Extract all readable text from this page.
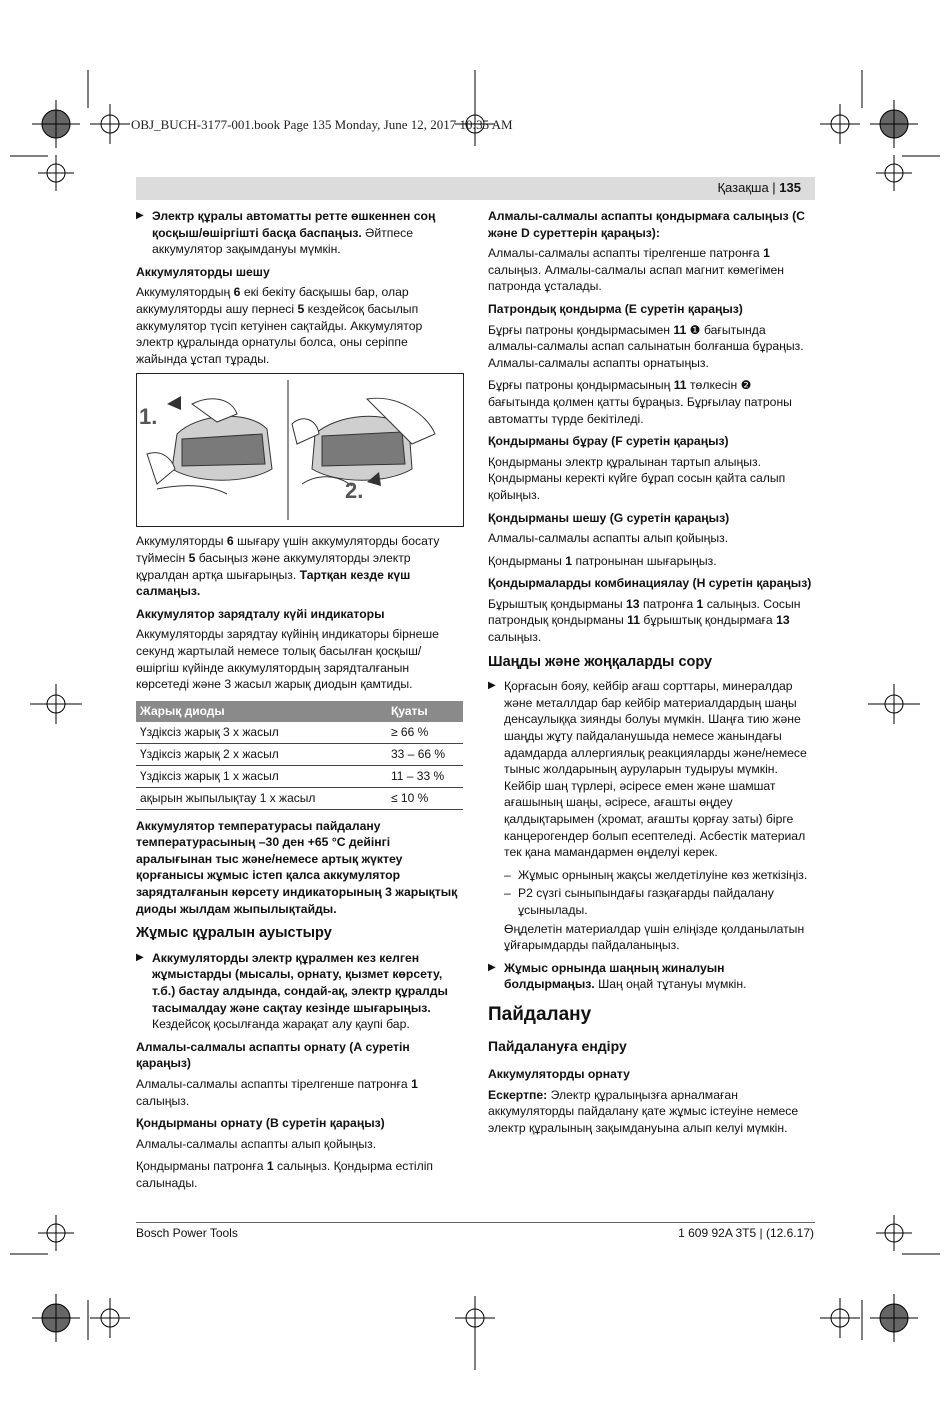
OBJ_BUCH-3177-001.book Page 135 Monday, June 12, 2017 10:35 AM
Қазақша | 135
▶ Электр құралы автоматты ретте өшкеннен соң қосқыш/өшіргішті басқа баспаңыз. Әйтпесе аккумулятор зақымдануы мүмкін.
Аккумуляторды шешу

Аккумулятордың 6 екі бекіту басқышы бар, олар аккумуляторды ашу пернесі 5 кездейсоқ басылып аккумулятор түсіп кетуінен сақтайды. Аккумулятор электр құралында орнатулы болса, оны серіппе жайында ұстап тұрады.

1.
2.

Аккумуляторды 6 шығару үшін аккумуляторды босату түймесін 5 басыңыз және аккумуляторды электр құралдан артқа шығарыңыз. Тартқан кезде күш салмаңыз.

Аккумулятор зарядталу күйі индикаторы

Аккумуляторды зарядтау күйінің индикаторы бірнеше секунд жартылай немесе толық басылған қосқыш/өшіргіш күйінде аккумулятордың зарядталғанын көрсетеді және 3 жасыл жарық диодын қамтиды.

Жарық диоды	Қуаты
Үздіксіз жарық 3 х жасыл	≥ 66 %
Үздіксіз жарық 2 х жасыл	33 – 66 %
Үздіксіз жарық 1 х жасыл	11 – 33 %
ақырын жыпылықтау 1 х жасыл	≤ 10 %

Аккумулятор температурасы пайдалану температурасының –30 ден +65 °C дейінгі аралығынан тыс және/немесе артық жүктеу қорғанысы жұмыс істеп қалса аккумулятор зарядталғанын көрсету индикаторының 3 жарықтық диоды жылдам жыпылықтайды.

Жұмыс құралын ауыстыру
▶ Аккумуляторды электр құралмен кез келген жұмыстарды (мысалы, орнату, қызмет көрсету, т.б.) бастау алдында, сондай-ақ, электр құралды тасымалдау және сақтау кезінде шығарыңыз. Кездейсоқ қосылғанда жарақат алу қаупі бар.
Алмалы-салмалы аспапты орнату (А суретін қараңыз)

Алмалы-салмалы аспапты тірелгенше патронға 1 салыңыз.

Қондырманы орнату (В суретін қараңыз)

Алмалы-салмалы аспапты алып қойыңыз.

Қондырманы патронға 1 салыңыз. Қондырма естіліп салынады.

Алмалы-салмалы аспапты қондырмаға салыңыз (С және D суреттерін қараңыз):

Алмалы-салмалы аспапты тірелгенше патронға 1 салыңыз. Алмалы-салмалы аспап магнит көмегімен патронда ұсталады.

Патрондық қондырма (Е суретін қараңыз)

Бұрғы патроны қондырмасымен 11 ❶ бағытында алмалы-салмалы аспап салынатын болғанша бұраңыз. Алмалы-салмалы аспапты орнатыңыз.

Бұрғы патроны қондырмасының 11 төлкесін ❷ бағытында қолмен қатты бұраңыз. Бұрғылау патроны автоматты түрде бекітіледі.

Қондырманы бұрау (F суретін қараңыз)

Қондырманы электр құралынан тартып алыңыз. Қондырманы керекті күйге бұрап сосын қайта салып қойыңыз.

Қондырманы шешу (G суретін қараңыз)

Алмалы-салмалы аспапты алып қойыңыз.

Қондырманы 1 патронынан шығарыңыз.

Қондырмаларды комбинациялау (Н суретін қараңыз)

Бұрыштық қондырманы 13 патронға 1 салыңыз. Сосын патрондық қондырманы 11 бұрыштық қондырмаға 13 салыңыз.

Шаңды және жоңқаларды сору
▶ Қорғасын бояу, кейбір ағаш сорттары, минералдар және металлдар бар кейбір материалдардың шаңы денсаулыққа зиянды болуы мүмкін. Шаңға тию және шаңды жұту пайдаланушыда немесе жанындағы адамдарда аллергиялық реакцияларды және/немесе тыныс жолдарының ауруларын тудыруы мүмкін. Кейбір шаң түрлері, әсіресе емен және шамшат ағашының шаңы, әсіресе, ағашты өңдеу қалдықтарымен (хромат, ағашты қорғау заты) бірге канцерогендер болып есептеледі. Асбестік материал тек қана мамандармен өңделуі керек.
– Жұмыс орнының жақсы желдетілуіне көз жеткізіңіз.
– Р2 сүзгі сыныпындағы газқағарды пайдалану ұсынылады.

Өңделетін материалдар үшін еліңізде қолданылатын ұйғарымдарды пайдаланыңыз.

▶ Жұмыс орнында шаңның жиналуын болдырмаңыз. Шаң оңай тұтануы мүмкін.
Пайдалану
Пайдалануға ендіру
Аккумуляторды орнату

Ескертпе: Электр құралыңызға арналмаған аккумуляторды пайдалану қате жұмыс істеуіне немесе электр құралының зақымдануына алып келуі мүмкін.

Bosch Power Tools	1 609 92A 3T5 | (12.6.17)
